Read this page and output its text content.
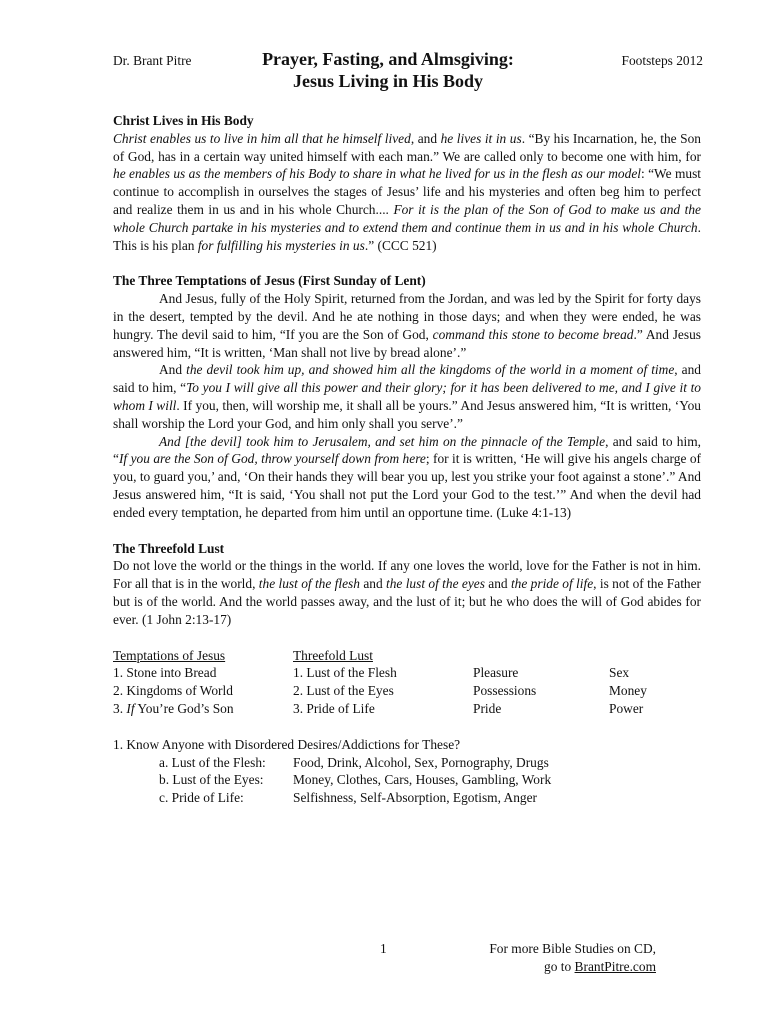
Dr. Brant Pitre	Prayer, Fasting, and Almsgiving:
Jesus Living in His Body
Footsteps 2012
Christ Lives in His Body

Christ enables us to live in him all that he himself lived, and he lives it in us. “By his Incarnation, he, the Son of God, has in a certain way united himself with each man.” We are called only to become one with him, for he enables us as the members of his Body to share in what he lived for us in the flesh as our model: “We must continue to accomplish in ourselves the stages of Jesus’ life and his mysteries and often beg him to perfect and realize them in us and in his whole Church.... For it is the plan of the Son of God to make us and the whole Church partake in his mysteries and to extend them and continue them in us and in his whole Church. This is his plan for fulfilling his mysteries in us.” (CCC 521)

The Three Temptations of Jesus (First Sunday of Lent)

And Jesus, fully of the Holy Spirit, returned from the Jordan, and was led by the Spirit for forty days in the desert, tempted by the devil. And he ate nothing in those days; and when they were ended, he was hungry. The devil said to him, “If you are the Son of God, command this stone to become bread.” And Jesus answered him, “It is written, ‘Man shall not live by bread alone’.”

And the devil took him up, and showed him all the kingdoms of the world in a moment of time, and said to him, “To you I will give all this power and their glory; for it has been delivered to me, and I give it to whom I will. If you, then, will worship me, it shall all be yours.” And Jesus answered him, “It is written, ‘You shall worship the Lord your God, and him only shall you serve’.”

And [the devil] took him to Jerusalem, and set him on the pinnacle of the Temple, and said to him, “If you are the Son of God, throw yourself down from here; for it is written, ‘He will give his angels charge of you, to guard you,’ and, ‘On their hands they will bear you up, lest you strike your foot against a stone’.” And Jesus answered him, “It is said, ‘You shall not put the Lord your God to the test.’” And when the devil had ended every temptation, he departed from him until an opportune time. (Luke 4:1-13)

The Threefold Lust

Do not love the world or the things in the world. If any one loves the world, love for the Father is not in him. For all that is in the world, the lust of the flesh and the lust of the eyes and the pride of life, is not of the Father but is of the world. And the world passes away, and the lust of it; but he who does the will of God abides for ever. (1 John 2:13-17)

Temptations of Jesus	Threefold Lust		
1. Stone into Bread	1. Lust of the Flesh	Pleasure	Sex
2. Kingdoms of World	2. Lust of the Eyes	Possessions	Money
3. If You’re God’s Son	3. Pride of Life	Pride	Power
1. Know Anyone with Disordered Desires/Addictions for These?
a. Lust of the Flesh: Food, Drink, Alcohol, Sex, Pornography, Drugs
b. Lust of the Eyes: Money, Clothes, Cars, Houses, Gambling, Work
c. Pride of Life:	Selfishness, Self-Absorption, Egotism, Anger
1	For more Bible Studies on CD,
go to BrantPitre.com
